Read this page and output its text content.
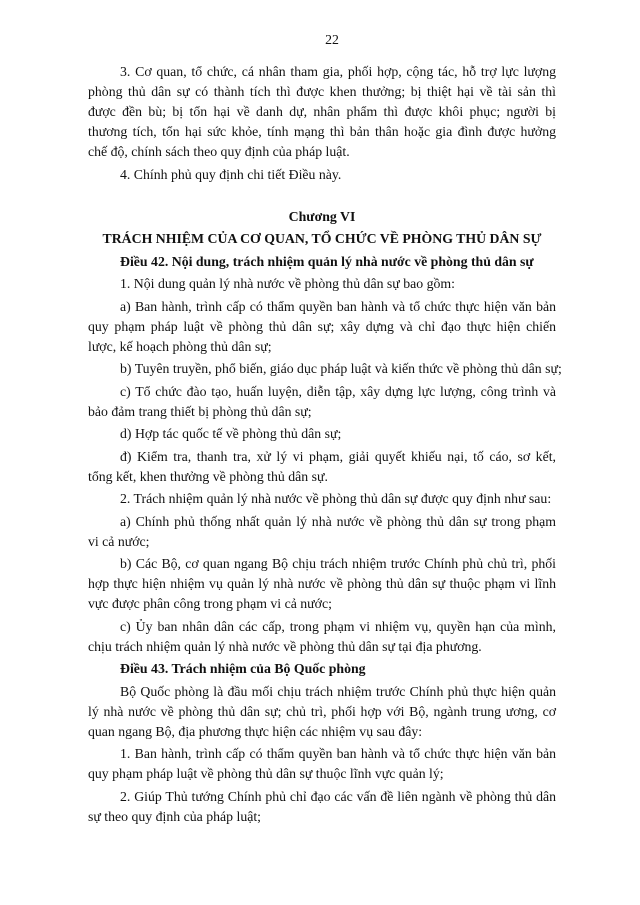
22
3. Cơ quan, tổ chức, cá nhân tham gia, phối hợp, cộng tác, hỗ trợ lực lượng
phòng thủ dân sự có thành tích thì được khen thưởng; bị thiệt hại về tài sản thì
được đền bù; bị tổn hại về danh dự, nhân phẩm thì được khôi phục; người bị
thương tích, tổn hại sức khỏe, tính mạng thì bản thân hoặc gia đình được hưởng
chế độ, chính sách theo quy định của pháp luật.
4. Chính phủ quy định chi tiết Điều này.
Chương VI
TRÁCH NHIỆM CỦA CƠ QUAN, TỔ CHỨC VỀ PHÒNG THỦ DÂN SỰ
Điều 42. Nội dung, trách nhiệm quản lý nhà nước về phòng thủ dân sự
1. Nội dung quản lý nhà nước về phòng thủ dân sự bao gồm:
a) Ban hành, trình cấp có thẩm quyền ban hành và tổ chức thực hiện văn bản
quy phạm pháp luật về phòng thủ dân sự; xây dựng và chỉ đạo thực hiện chiến
lược, kế hoạch phòng thủ dân sự;
b) Tuyên truyền, phổ biến, giáo dục pháp luật và kiến thức về phòng thủ dân sự;
c) Tổ chức đào tạo, huấn luyện, diễn tập, xây dựng lực lượng, công trình và
bảo đảm trang thiết bị phòng thủ dân sự;
d) Hợp tác quốc tế về phòng thủ dân sự;
đ) Kiểm tra, thanh tra, xử lý vi phạm, giải quyết khiếu nại, tố cáo, sơ kết,
tổng kết, khen thưởng về phòng thủ dân sự.
2. Trách nhiệm quản lý nhà nước về phòng thủ dân sự được quy định như sau:
a) Chính phủ thống nhất quản lý nhà nước về phòng thủ dân sự trong phạm
vi cả nước;
b) Các Bộ, cơ quan ngang Bộ chịu trách nhiệm trước Chính phủ chủ trì, phối
hợp thực hiện nhiệm vụ quản lý nhà nước về phòng thủ dân sự thuộc phạm vi lĩnh
vực được phân công trong phạm vi cả nước;
c) Ủy ban nhân dân các cấp, trong phạm vi nhiệm vụ, quyền hạn của mình,
chịu trách nhiệm quản lý nhà nước về phòng thủ dân sự tại địa phương.
Điều 43. Trách nhiệm của Bộ Quốc phòng
Bộ Quốc phòng là đầu mối chịu trách nhiệm trước Chính phủ thực hiện quản
lý nhà nước về phòng thủ dân sự; chủ trì, phối hợp với Bộ, ngành trung ương, cơ
quan ngang Bộ, địa phương thực hiện các nhiệm vụ sau đây:
1. Ban hành, trình cấp có thẩm quyền ban hành và tổ chức thực hiện văn bản
quy phạm pháp luật về phòng thủ dân sự thuộc lĩnh vực quản lý;
2. Giúp Thủ tướng Chính phủ chỉ đạo các vấn đề liên ngành về phòng thủ dân
sự theo quy định của pháp luật;
